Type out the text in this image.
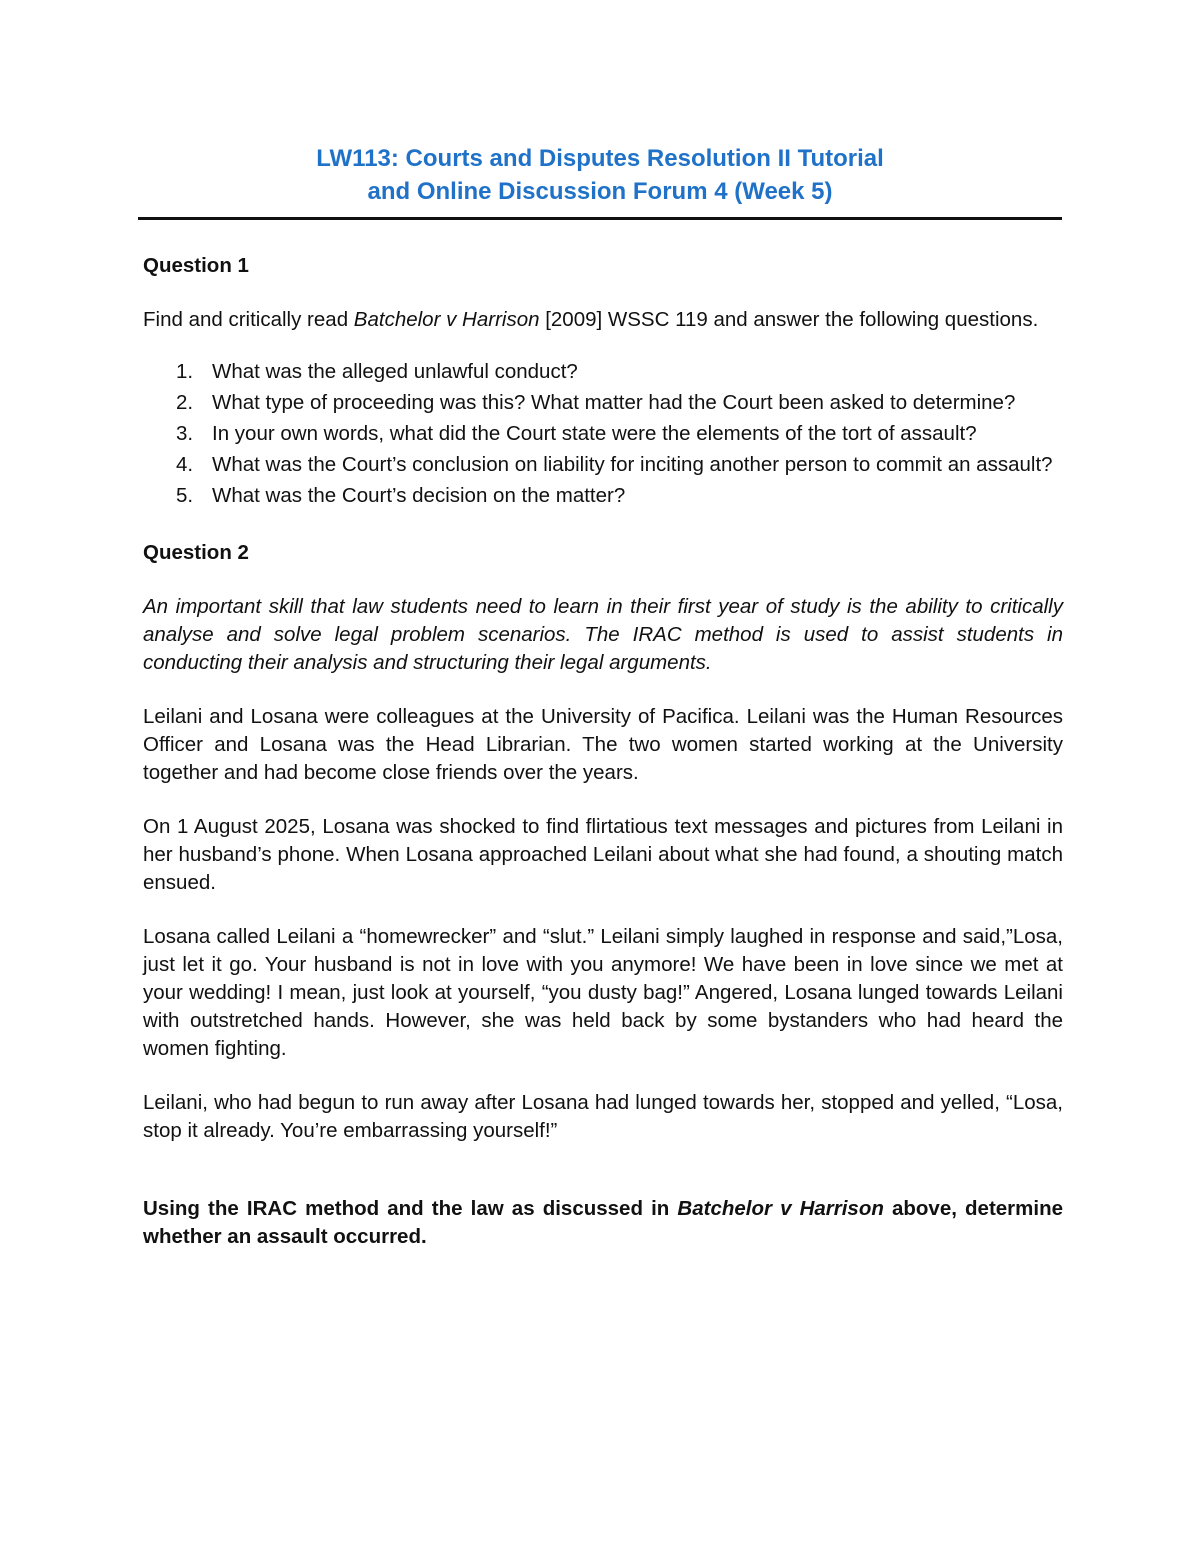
LW113: Courts and Disputes Resolution II Tutorial
and Online Discussion Forum 4 (Week 5)
Question 1

Find and critically read Batchelor v Harrison [2009] WSSC 119 and answer the following questions.

1. What was the alleged unlawful conduct?
2. What type of proceeding was this? What matter had the Court been asked to determine?
3. In your own words, what did the Court state were the elements of the tort of assault?
4. What was the Court’s conclusion on liability for inciting another person to commit an assault?
5. What was the Court’s decision on the matter?
Question 2

An important skill that law students need to learn in their first year of study is the ability to critically analyse and solve legal problem scenarios. The IRAC method is used to assist students in conducting their analysis and structuring their legal arguments.

Leilani and Losana were colleagues at the University of Pacifica. Leilani was the Human Resources Officer and Losana was the Head Librarian. The two women started working at the University together and had become close friends over the years.

On 1 August 2025, Losana was shocked to find flirtatious text messages and pictures from Leilani in her husband’s phone. When Losana approached Leilani about what she had found, a shouting match ensued.

Losana called Leilani a “homewrecker” and “slut.” Leilani simply laughed in response and said,”Losa, just let it go. Your husband is not in love with you anymore! We have been in love since we met at your wedding! I mean, just look at yourself, “you dusty bag!” Angered, Losana lunged towards Leilani with outstretched hands. However, she was held back by some bystanders who had heard the women fighting.

Leilani, who had begun to run away after Losana had lunged towards her, stopped and yelled, “Losa, stop it already. You’re embarrassing yourself!”

Using the IRAC method and the law as discussed in Batchelor v Harrison above, determine whether an assault occurred.
